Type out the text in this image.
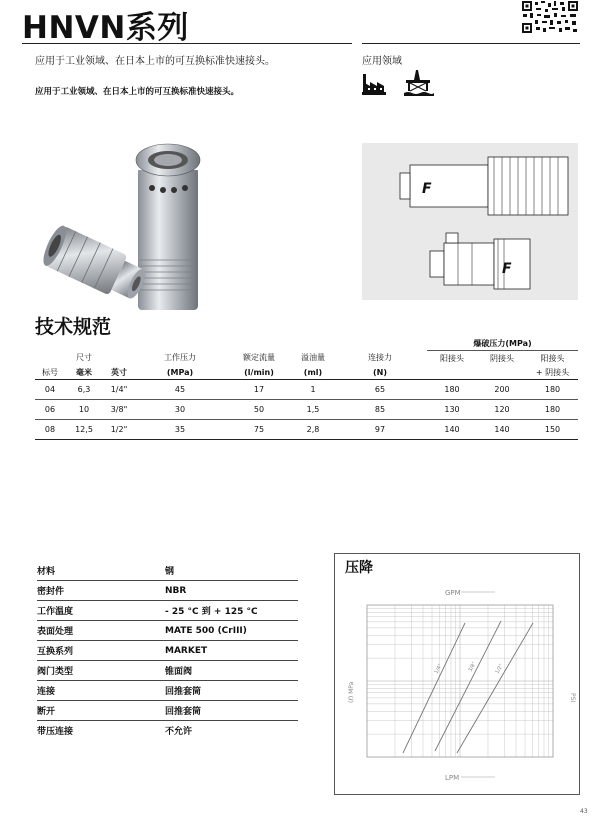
HNVN系列
应用于工业领域、在日本上市的可互换标准快速接头。
应用于工业领域、在日本上市的可互换标准快速接头。
应用领域
F
F
技术规范
							爆破压力(MPa)		
	尺寸		工作压力	额定流量	溢油量	连接力	阳接头	阴接头	阳接头
标号	毫米	英寸	(MPa)	(l/min)	(ml)	(N)			+ 阴接头
04	6,3	1/4"	45	17	1	65	180	200	180
06	10	3/8"	30	50	1,5	85	130	120	180
08	12,5	1/2"	35	75	2,8	97	140	140	150
材料	钢
密封件	NBR
工作温度	- 25 °C 到 + 125 °C
表面处理	MATE 500 (CrIII)
互换系列	MARKET
阀门类型	锥面阀
连接	回推套筒
断开	回推套筒
带压连接	不允许
压降
GPM
LPM
(ℓ) MPa	PSI
1/4"	3/8"	1/2"
43
